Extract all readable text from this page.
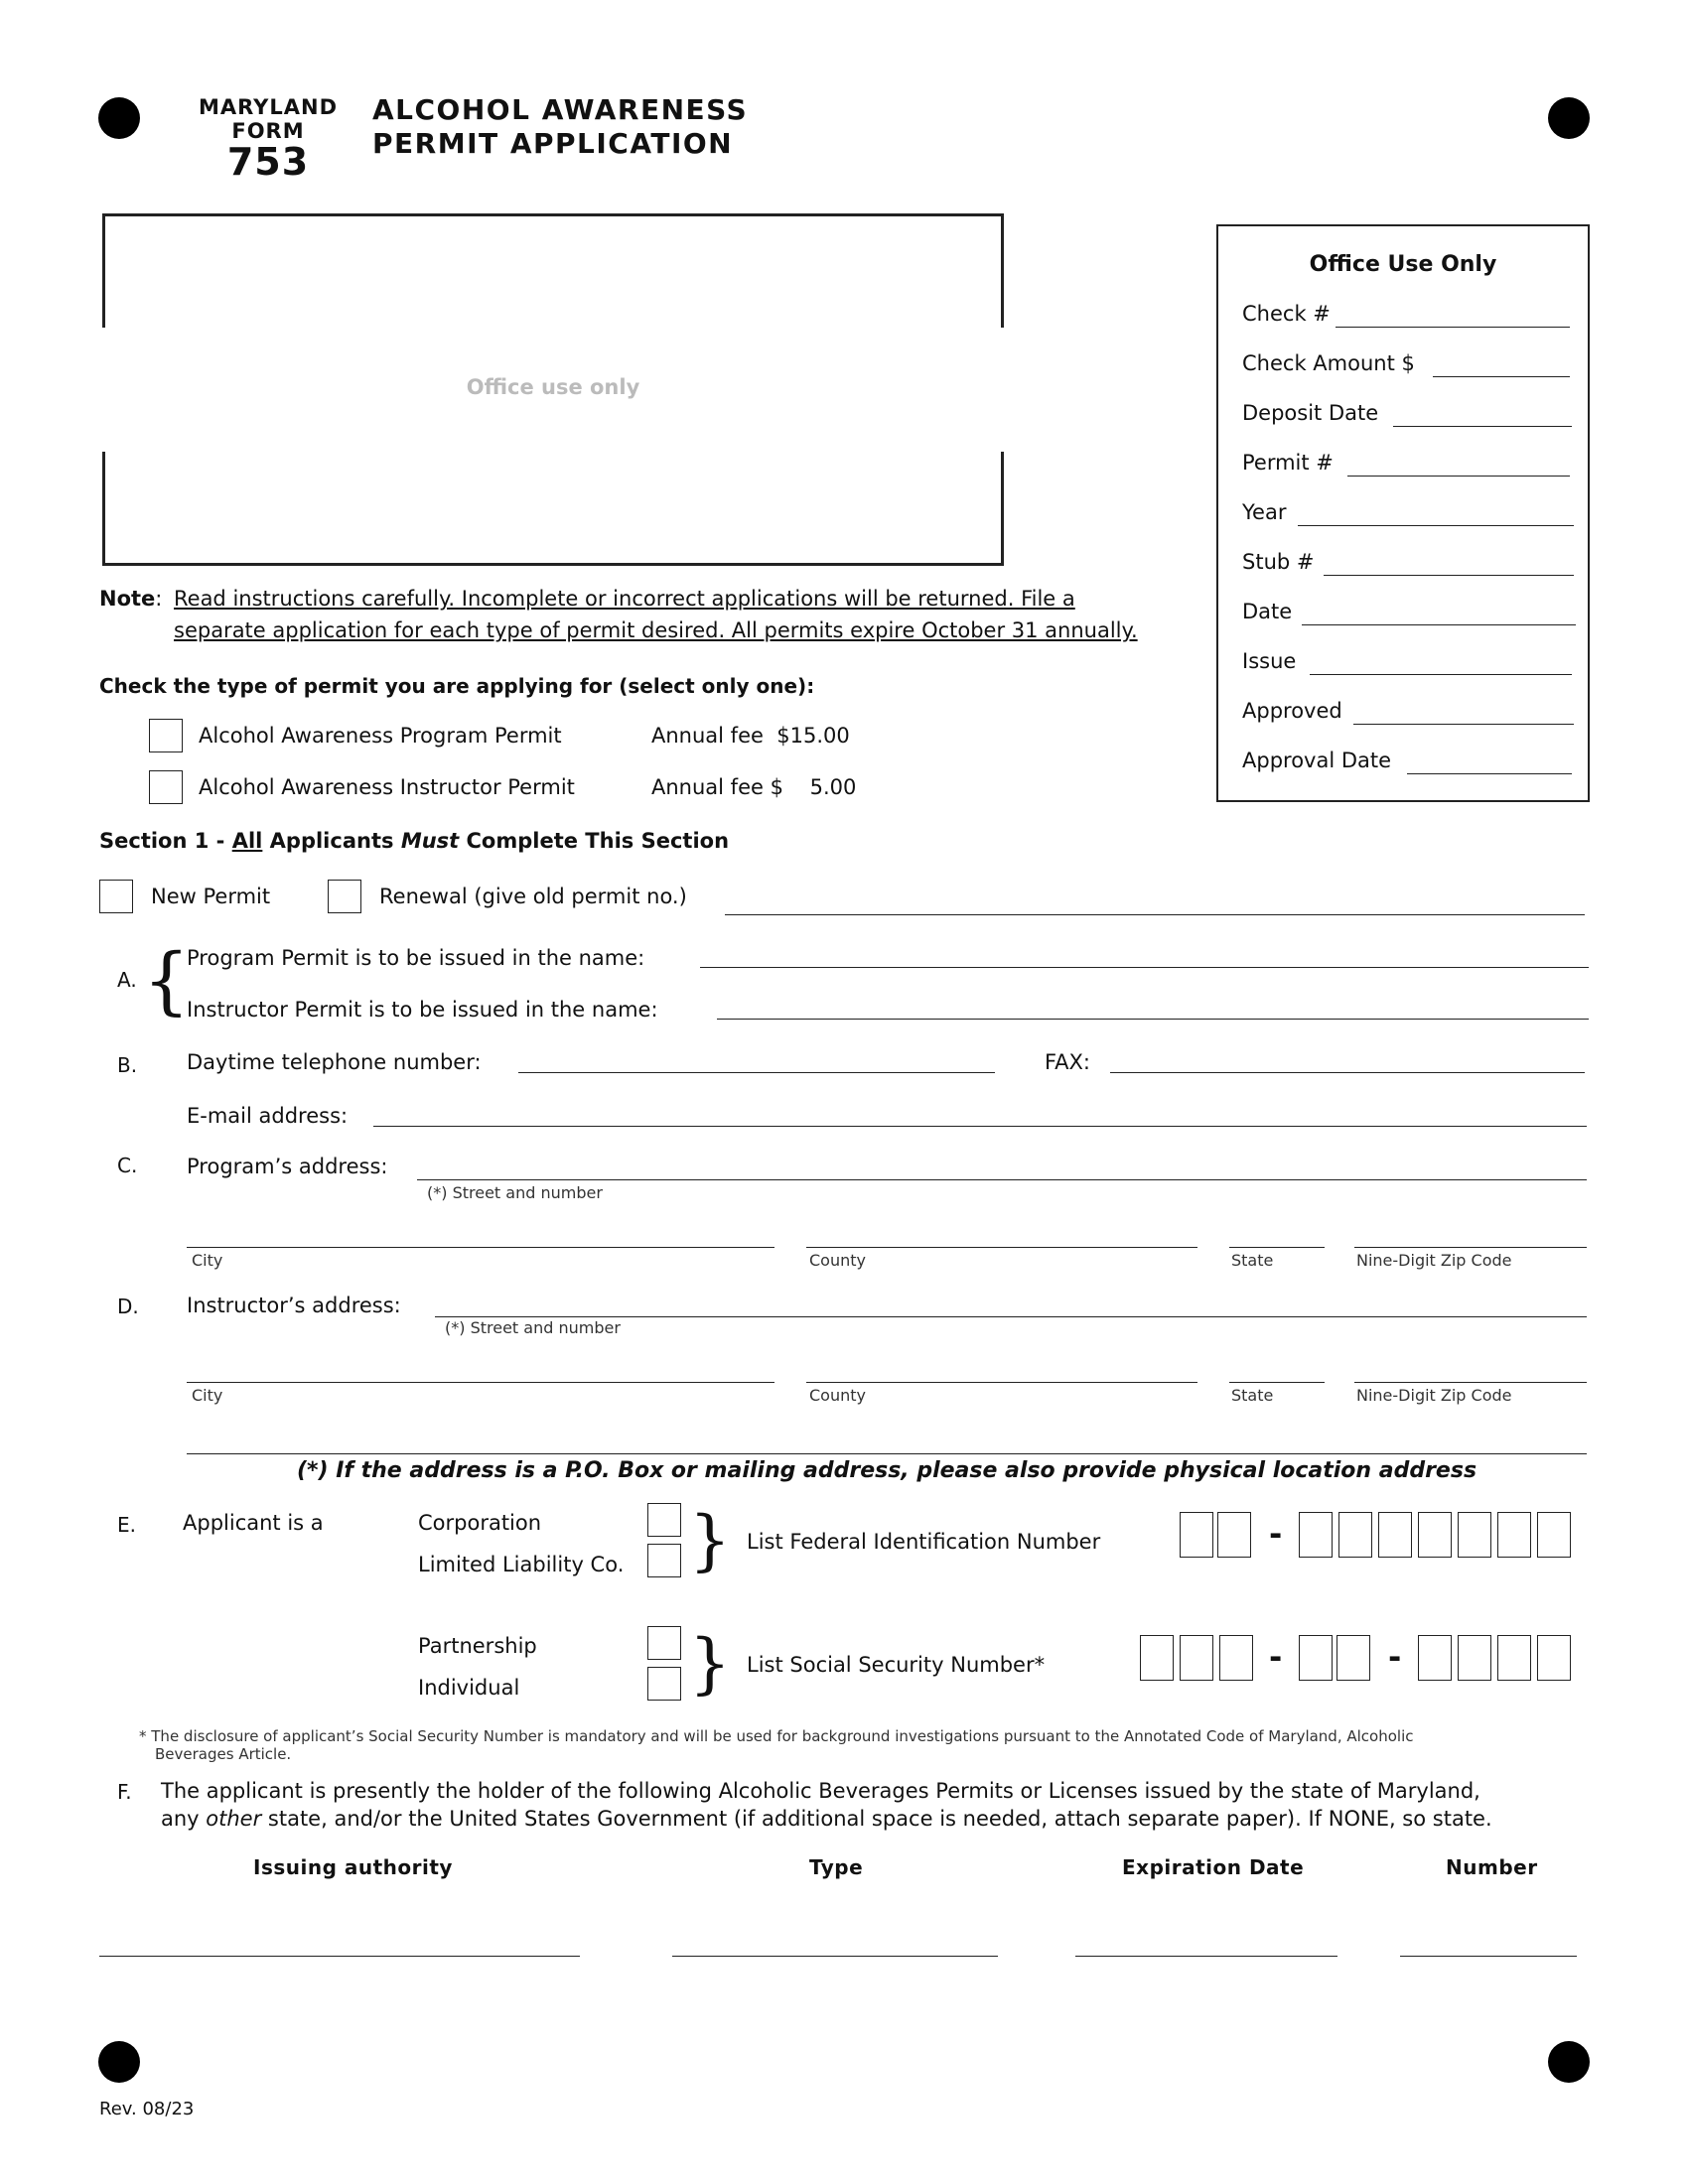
MARYLAND
FORM
753
ALCOHOL AWARENESS
PERMIT APPLICATION
Office use only
Office Use Only
Check #
Check Amount $
Deposit Date
Permit #
Year
Stub #
Date
Issue
Approved
Approval Date
Note: Read instructions carefully. Incomplete or incorrect applications will be returned. File a
separate application for each type of permit desired. All permits expire October 31 annually.
Check the type of permit you are applying for (select only one):
Alcohol Awareness Program Permit	Annual fee  $15.00
Alcohol Awareness Instructor Permit	Annual fee $    5.00
Section 1 - All Applicants Must Complete This Section
New Permit	Renewal (give old permit no.)
A. {
Program Permit is to be issued in the name:
Instructor Permit is to be issued in the name:
B. Daytime telephone number:	FAX:
E-mail address:
C. Program’s address:
(*) Street and number
City	County	State	Nine-Digit Zip Code
D. Instructor’s address:
(*) Street and number
City	County	State	Nine-Digit Zip Code
(*) If the address is a P.O. Box or mailing address, please also provide physical location address
E. Applicant is a	Corporation
Limited Liability Co. } List Federal Identification Number	-
Partnership
Individual	} List Social Security Number*	-	-
* The disclosure of applicant’s Social Security Number is mandatory and will be used for background investigations pursuant to the Annotated Code of Maryland, Alcoholic
Beverages Article.
F. The applicant is presently the holder of the following Alcoholic Beverages Permits or Licenses issued by the state of Maryland,
any other state, and/or the United States Government (if additional space is needed, attach separate paper). If NONE, so state.
Issuing authority	Type	Expiration Date	Number
Rev. 08/23
